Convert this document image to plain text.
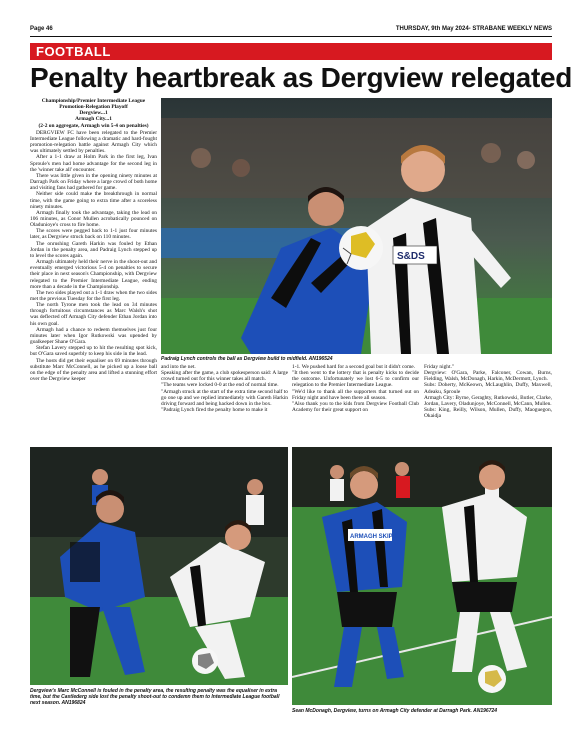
Page 46	THURSDAY, 9th May 2024- STRABANE WEEKLY NEWS
FOOTBALL
Penalty heartbreak as Dergview relegated
Championship/Premier Intermediate League
Promotion-Relegation Playoff
Dergview...1
Armagh City...1
(2-2 on aggregate, Armagh win 5-4 on penalties)

DERGVIEW FC have been relegated to the Premier Intermediate League following a dramatic and hard-fought promotion-relegation battle against Armagh City which was ultimately settled by penalties.

After a 1-1 draw at Holm Park in the first leg, Ivan Sproule's men had home advantage for the second leg in the 'winner take all' encounter.

There was little given in the opening ninety minutes at Darragh Park on Friday where a large crowd of both home and visiting fans had gathered for game.

Neither side could make the breakthrough in normal time, with the game going to extra time after a scoreless ninety minutes.

Armagh finally took the advantage, taking the lead on 106 minutes, as Conor Mullen acrobatically pounced on Oladunioye's cross to fire home.

The scores were pegged back to 1-1 just four minutes later, as Dergview struck back on 110 minutes.

The onrushing Gareth Harkin was fouled by Ethan Jordan in the penalty area, and Padraig Lynch stepped up to level the scores again.

Armagh ultimately held their nerve in the shoot-out and eventually emerged victorious 5-4 on penalties to secure their place in next season's Championship, with Dergview relegated to the Premier Intermediate League, ending more than a decade in the Championship.

The two sides played out a 1-1 draw when the two sides met the previous Tuesday for the first leg.

The north Tyrone men took the lead on 34 minutes through fortuitous circumstances as Marc Walsh's shot was deflected off Armagh City defender Ethan Jordan into his own goal.

Armagh had a chance to redeem themselves just four minutes later when Igor Rutkowski was upended by goalkeeper Shane O'Gara.

Stefan Lavery stepped up to hit the resulting spot kick, but O'Gara saved superbly to keep his side in the lead.

The hosts did get their equaliser on 69 minutes through substitute Marc McConnell, as he picked up a loose ball on the edge of the penalty area and lifted a stunning effort over the Dergview keeper

S&DS
Padraig Lynch controls the ball as Dergview build to midfield. AN196524

and into the net.

Speaking after the game, a club spokesperson said: A large crowd turned out for this winner takes all match.

"The teams were locked 0-0 at the end of normal time.

"Armagh struck at the start of the extra time second half to go one up and we replied immediately with Gareth Harkin driving forward and being hacked down in the box.

"Padraig Lynch fired the penalty home to make it

1-1. We pushed hard for a second goal but it didn't come.

"It then went to the lottery that is penalty kicks to decide the outcome. Unfortunately we lost 6-5 to confirm our relegation to the Premier Intermediate League.

"We'd like to thank all the supporters that turned out on Friday night and have been there all season.

"Also thank you to the kids from Dergview Football Club Academy for their great support on

Friday night."

Dergview: O'Gara, Parke, Falconer, Cowan, Burns, Fielding, Walsh, McDonagh, Harkin, McDermott, Lynch.

Subs: Doherty, McKeown, McLaughlin, Duffy, Maxwell, Adeaku, Sproule

Armagh City: Byrne, Geraghty, Rutkowski, Butler, Clarke, Jordan, Lavery, Oladunjoye, McConnell, McCann, Mullen.

Subs: King, Reilly, Wilson, Mullen, Duffy, Maoguegon, Okaidja

Dergview's Marc McConnell is fouled in the penalty area, the resulting penalty was the equaliser in extra time, but the Castlederg side lost the penalty shoot-out to condemn them to Intermediate League football next season. AN196824
ARMAGH SKIPS
Sean McDonagh, Dergview, turns on Armagh City defender at Darragh Park. AN196724
